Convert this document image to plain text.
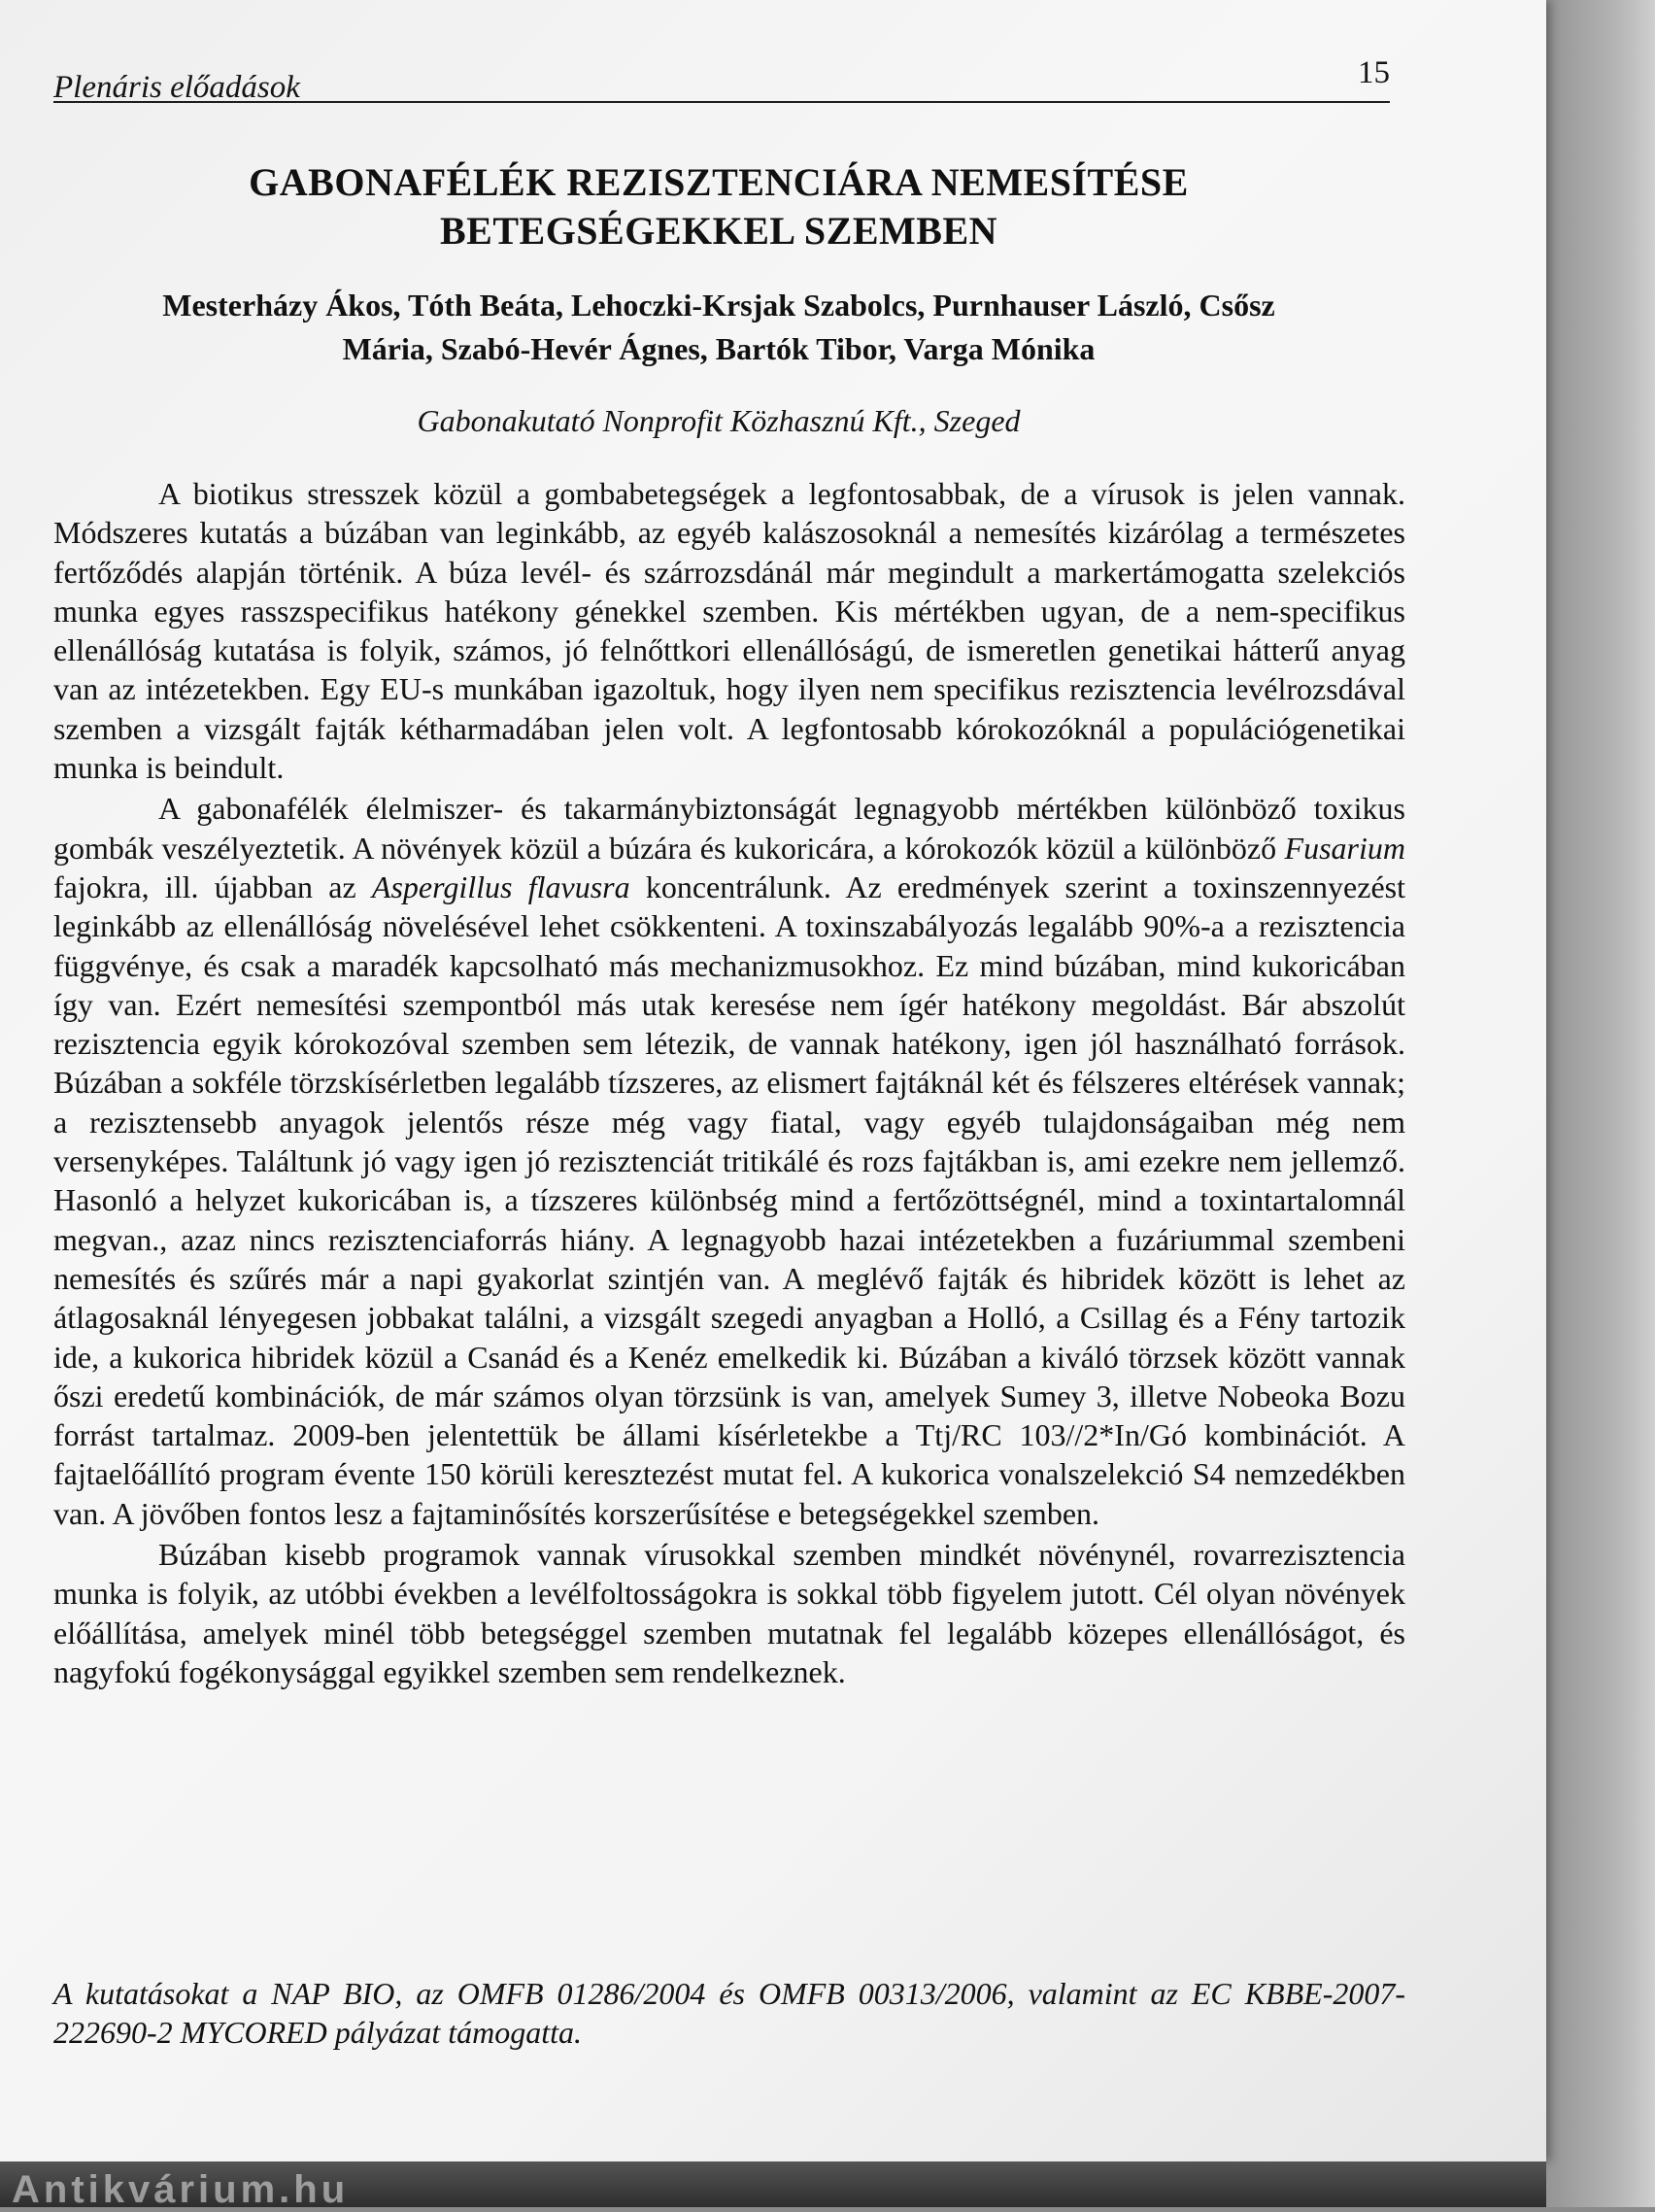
Plenáris előadások	15
GABONAFÉLÉK REZISZTENCIÁRA NEMESÍTÉSE
BETEGSÉGEKKEL SZEMBEN
Mesterházy Ákos, Tóth Beáta, Lehoczki-Krsjak Szabolcs, Purnhauser László, Csősz
Mária, Szabó-Hevér Ágnes, Bartók Tibor, Varga Mónika
Gabonakutató Nonprofit Közhasznú Kft., Szeged

A biotikus stresszek közül a gombabetegségek a legfontosabbak, de a vírusok is jelen vannak. Módszeres kutatás a búzában van leginkább, az egyéb kalászosoknál a nemesítés kizárólag a természetes fertőződés alapján történik. A búza levél- és szárrozsdánál már megindult a markertámogatta szelekciós munka egyes rasszspecifikus hatékony génekkel szemben. Kis mértékben ugyan, de a nem-specifikus ellenállóság kutatása is folyik, számos, jó felnőttkori ellenállóságú, de ismeretlen genetikai hátterű anyag van az intézetekben. Egy EU-s munkában igazoltuk, hogy ilyen nem specifikus rezisztencia levélrozsdával szemben a vizsgált fajták kétharmadában jelen volt. A legfontosabb kórokozóknál a populációgenetikai munka is beindult.

A gabonafélék élelmiszer- és takarmánybiztonságát legnagyobb mértékben különböző toxikus gombák veszélyeztetik. A növények közül a búzára és kukoricára, a kórokozók közül a különböző Fusarium fajokra, ill. újabban az Aspergillus flavusra koncentrálunk. Az eredmények szerint a toxinszennyezést leginkább az ellenállóság növelésével lehet csökkenteni. A toxinszabályozás legalább 90%-a a rezisztencia függvénye, és csak a maradék kapcsolható más mechanizmusokhoz. Ez mind búzában, mind kukoricában így van. Ezért nemesítési szempontból más utak keresése nem ígér hatékony megoldást. Bár abszolút rezisztencia egyik kórokozóval szemben sem létezik, de vannak hatékony, igen jól használható források. Búzában a sokféle törzskísérletben legalább tízszeres, az elismert fajtáknál két és félszeres eltérések vannak; a rezisztensebb anyagok jelentős része még vagy fiatal, vagy egyéb tulajdonságaiban még nem versenyképes. Találtunk jó vagy igen jó rezisztenciát tritikálé és rozs fajtákban is, ami ezekre nem jellemző. Hasonló a helyzet kukoricában is, a tízszeres különbség mind a fertőzöttségnél, mind a toxintartalomnál megvan., azaz nincs rezisztenciaforrás hiány. A legnagyobb hazai intézetekben a fuzáriummal szembeni nemesítés és szűrés már a napi gyakorlat szintjén van. A meglévő fajták és hibridek között is lehet az átlagosaknál lényegesen jobbakat találni, a vizsgált szegedi anyagban a Holló, a Csillag és a Fény tartozik ide, a kukorica hibridek közül a Csanád és a Kenéz emelkedik ki. Búzában a kiváló törzsek között vannak őszi eredetű kombinációk, de már számos olyan törzsünk is van, amelyek Sumey 3, illetve Nobeoka Bozu forrást tartalmaz. 2009-ben jelentettük be állami kísérletekbe a Ttj/RC 103//2*In/Gó kombinációt. A fajtaelőállító program évente 150 körüli keresztezést mutat fel. A kukorica vonalszelekció S4 nemzedékben van. A jövőben fontos lesz a fajtaminősítés korszerűsítése e betegségekkel szemben.

Búzában kisebb programok vannak vírusokkal szemben mindkét növénynél, rovarrezisztencia munka is folyik, az utóbbi években a levélfoltosságokra is sokkal több figyelem jutott. Cél olyan növények előállítása, amelyek minél több betegséggel szemben mutatnak fel legalább közepes ellenállóságot, és nagyfokú fogékonysággal egyikkel szemben sem rendelkeznek.

A kutatásokat a NAP BIO, az OMFB 01286/2004 és OMFB 00313/2006, valamint az EC KBBE-2007-222690-2 MYCORED pályázat támogatta.
Antikvárium.hu
